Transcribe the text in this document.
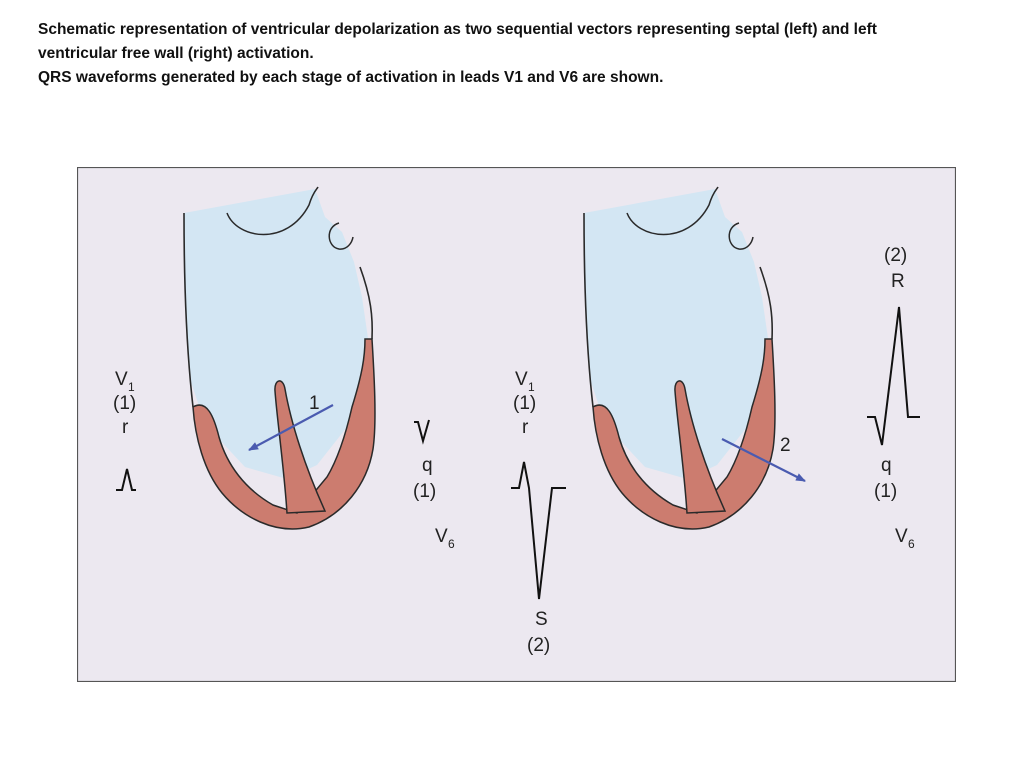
Schematic representation of ventricular depolarization as two sequential vectors representing septal (left) and left
ventricular free wall (right) activation.
QRS waveforms generated by each stage of activation in leads V1 and V6 are shown.
1
V 1
(1)
r
q
(1)
V 6
V 1
(1)
r
S
(2)
2
(2)
R
q
(1)
V 6
